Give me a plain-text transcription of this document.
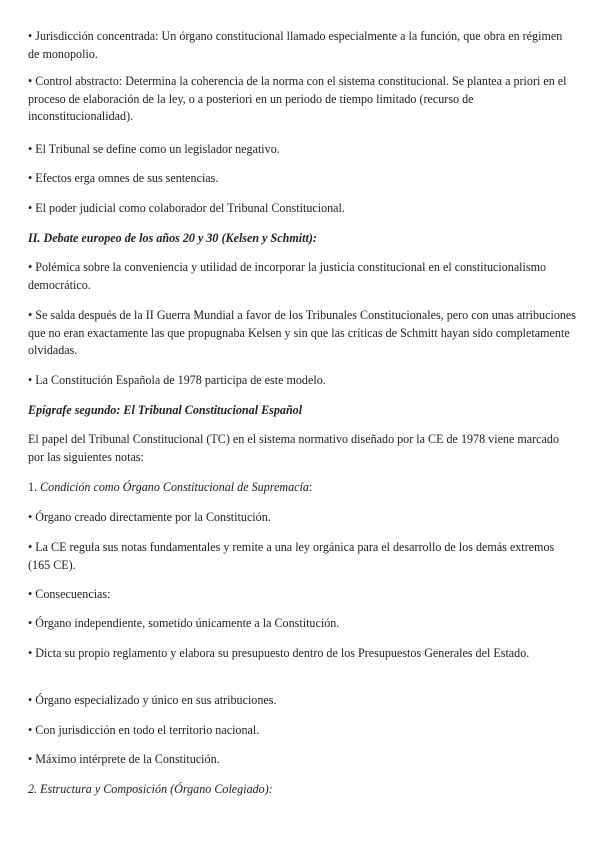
• Jurisdicción concentrada: Un órgano constitucional llamado especialmente a la función, que obra en régimen de monopolio.

• Control abstracto: Determina la coherencia de la norma con el sistema constitucional. Se plantea a priori en el proceso de elaboración de la ley, o a posteriori en un periodo de tiempo limitado (recurso de inconstitucionalidad).

• El Tribunal se define como un legislador negativo.

• Efectos erga omnes de sus sentencias.

• El poder judicial como colaborador del Tribunal Constitucional.

II. Debate europeo de los años 20 y 30 (Kelsen y Schmitt):

• Polémica sobre la conveniencia y utilidad de incorporar la justicia constitucional en el constitucionalismo democrático.

• Se salda después de la II Guerra Mundial a favor de los Tribunales Constitucionales, pero con unas atribuciones que no eran exactamente las que propugnaba Kelsen y sin que las críticas de Schmitt hayan sido completamente olvidadas.

• La Constitución Española de 1978 participa de este modelo.

Epígrafe segundo: El Tribunal Constitucional Español

El papel del Tribunal Constitucional (TC) en el sistema normativo diseñado por la CE de 1978 viene marcado por las siguientes notas:

1. Condición como Órgano Constitucional de Supremacía:

• Órgano creado directamente por la Constitución.

• La CE regula sus notas fundamentales y remite a una ley orgánica para el desarrollo de los demás extremos (165 CE).

• Consecuencias:

• Órgano independiente, sometido únicamente a la Constitución.

• Dicta su propio reglamento y elabora su presupuesto dentro de los Presupuestos Generales del Estado.

• Órgano especializado y único en sus atribuciones.

• Con jurisdicción en todo el territorio nacional.

• Máximo intérprete de la Constitución.

2. Estructura y Composición (Órgano Colegiado):
